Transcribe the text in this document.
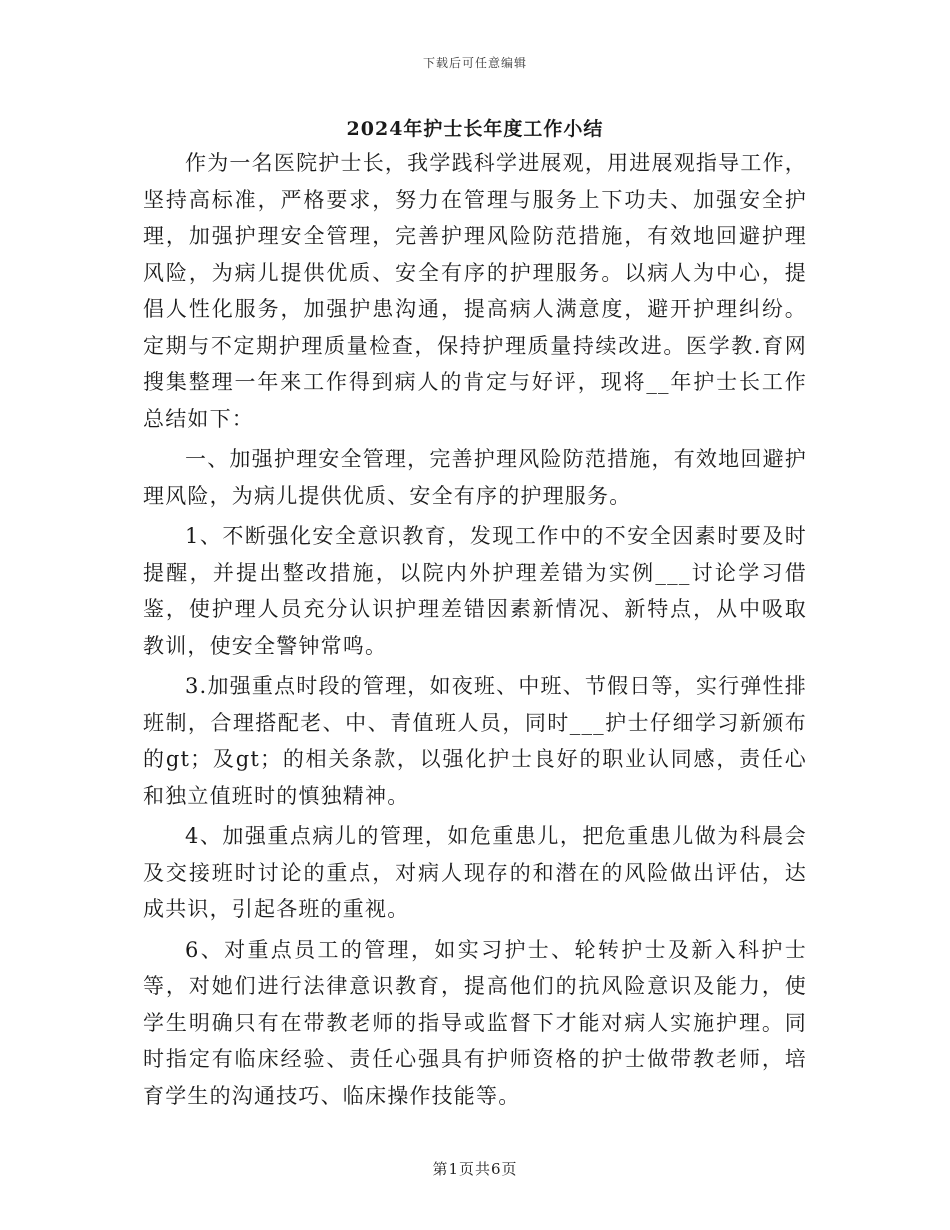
下载后可任意编辑
2024年护士长年度工作小结

作为一名医院护士长，我学践科学进展观，用进展观指导工作，坚持高标准，严格要求，努力在管理与服务上下功夫、加强安全护理，加强护理安全管理，完善护理风险防范措施，有效地回避护理风险，为病儿提供优质、安全有序的护理服务。以病人为中心，提倡人性化服务，加强护患沟通，提高病人满意度，避开护理纠纷。定期与不定期护理质量检查，保持护理质量持续改进。医学教.育网搜集整理一年来工作得到病人的肯定与好评，现将__年护士长工作总结如下：

一、加强护理安全管理，完善护理风险防范措施，有效地回避护理风险，为病儿提供优质、安全有序的护理服务。

1、不断强化安全意识教育，发现工作中的不安全因素时要及时提醒，并提出整改措施，以院内外护理差错为实例___讨论学习借鉴，使护理人员充分认识护理差错因素新情况、新特点，从中吸取教训，使安全警钟常鸣。

3.加强重点时段的管理，如夜班、中班、节假日等，实行弹性排班制，合理搭配老、中、青值班人员，同时___护士仔细学习新颁布的gt；及gt；的相关条款，以强化护士良好的职业认同感，责任心和独立值班时的慎独精神。

4、加强重点病儿的管理，如危重患儿，把危重患儿做为科晨会及交接班时讨论的重点，对病人现存的和潜在的风险做出评估，达成共识，引起各班的重视。

6、对重点员工的管理，如实习护士、轮转护士及新入科护士等，对她们进行法律意识教育，提高他们的抗风险意识及能力，使学生明确只有在带教老师的指导或监督下才能对病人实施护理。同时指定有临床经验、责任心强具有护师资格的护士做带教老师，培育学生的沟通技巧、临床操作技能等。

第1页共6页
